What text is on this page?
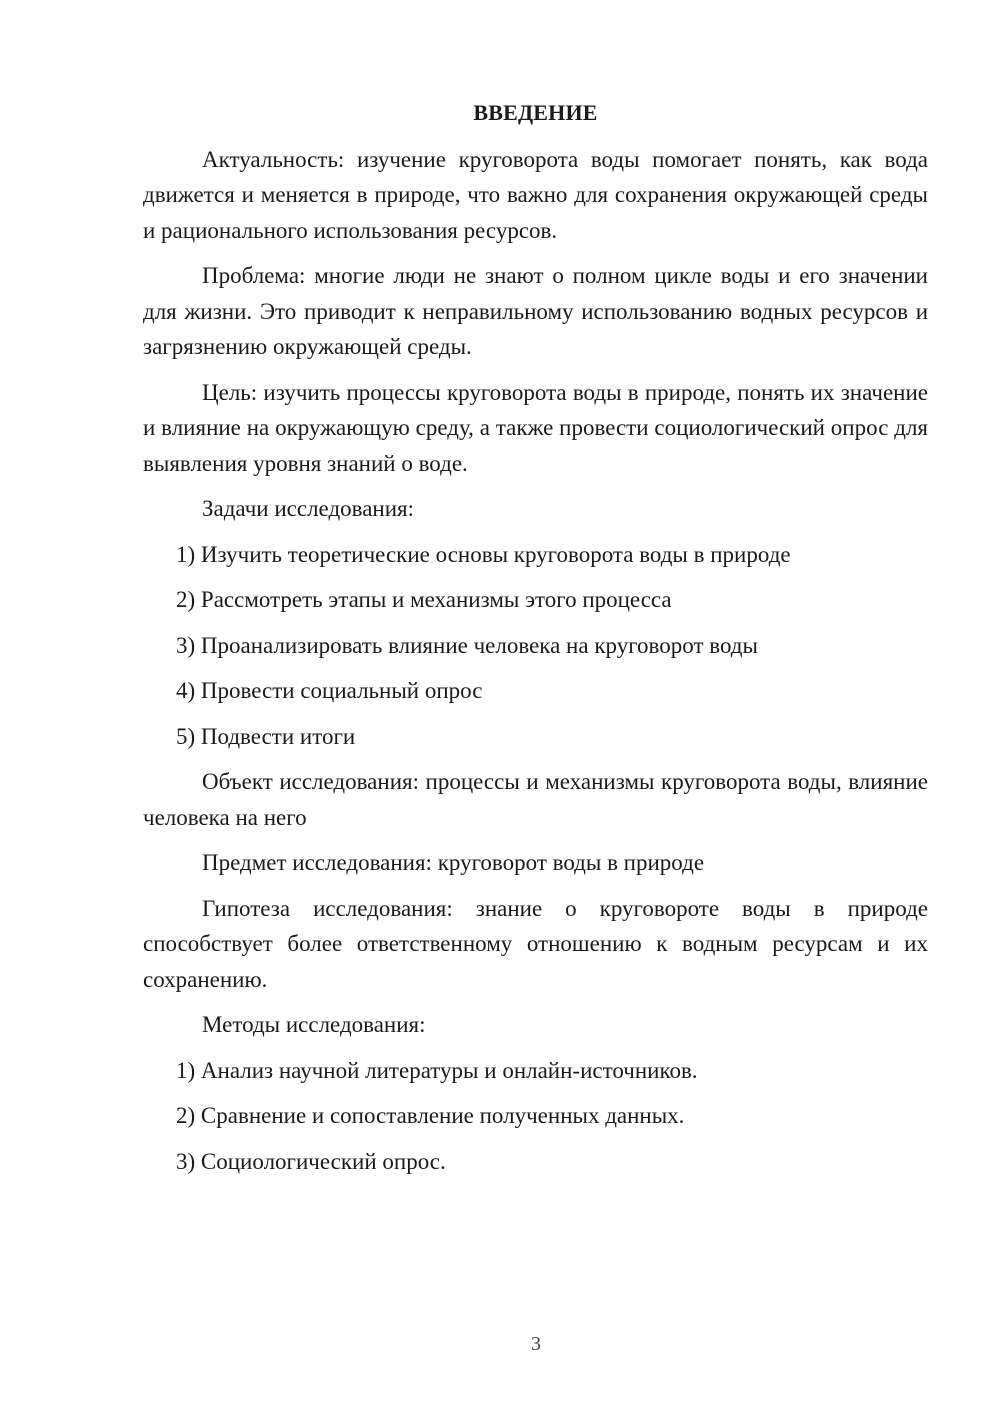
ВВЕДЕНИЕ
Актуальность: изучение круговорота воды помогает понять, как вода движется и меняется в природе, что важно для сохранения окружающей среды и рационального использования ресурсов.
Проблема: многие люди не знают о полном цикле воды и его значении для жизни. Это приводит к неправильному использованию водных ресурсов и загрязнению окружающей среды.
Цель: изучить процессы круговорота воды в природе, понять их значение и влияние на окружающую среду, а также провести социологический опрос для выявления уровня знаний о воде.
Задачи исследования:
1) Изучить теоретические основы круговорота воды в природе
2) Рассмотреть этапы и механизмы этого процесса
3) Проанализировать влияние человека на круговорот воды
4) Провести социальный опрос
5) Подвести итоги
Объект исследования: процессы и механизмы круговорота воды, влияние человека на него
Предмет исследования: круговорот воды в природе
Гипотеза исследования: знание о круговороте воды в природе способствует более ответственному отношению к водным ресурсам и их сохранению.
Методы исследования:
1) Анализ научной литературы и онлайн-источников.
2) Сравнение и сопоставление полученных данных.
3) Социологический опрос.
3
